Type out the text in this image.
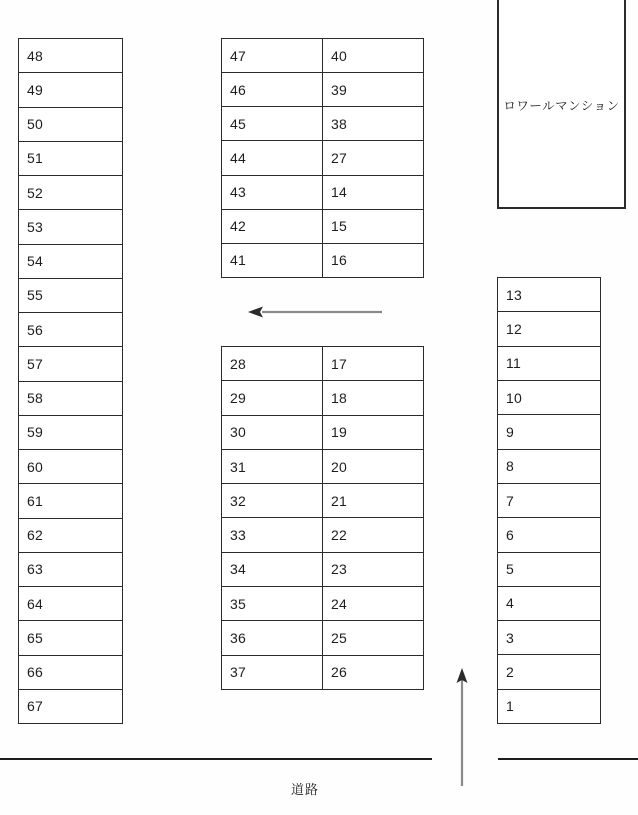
48
49
50
51
52
53
54
55
56
57
58
59
60
61
62
63
64
65
66
67
47
46
45
44
43
42
41
40
39
38
27
14
15
16
28
29
30
31
32
33
34
35
36
37
17
18
19
20
21
22
23
24
25
26
ロワールマンション
13
12
11
10
9
8
7
6
5
4
3
2
1
道路
